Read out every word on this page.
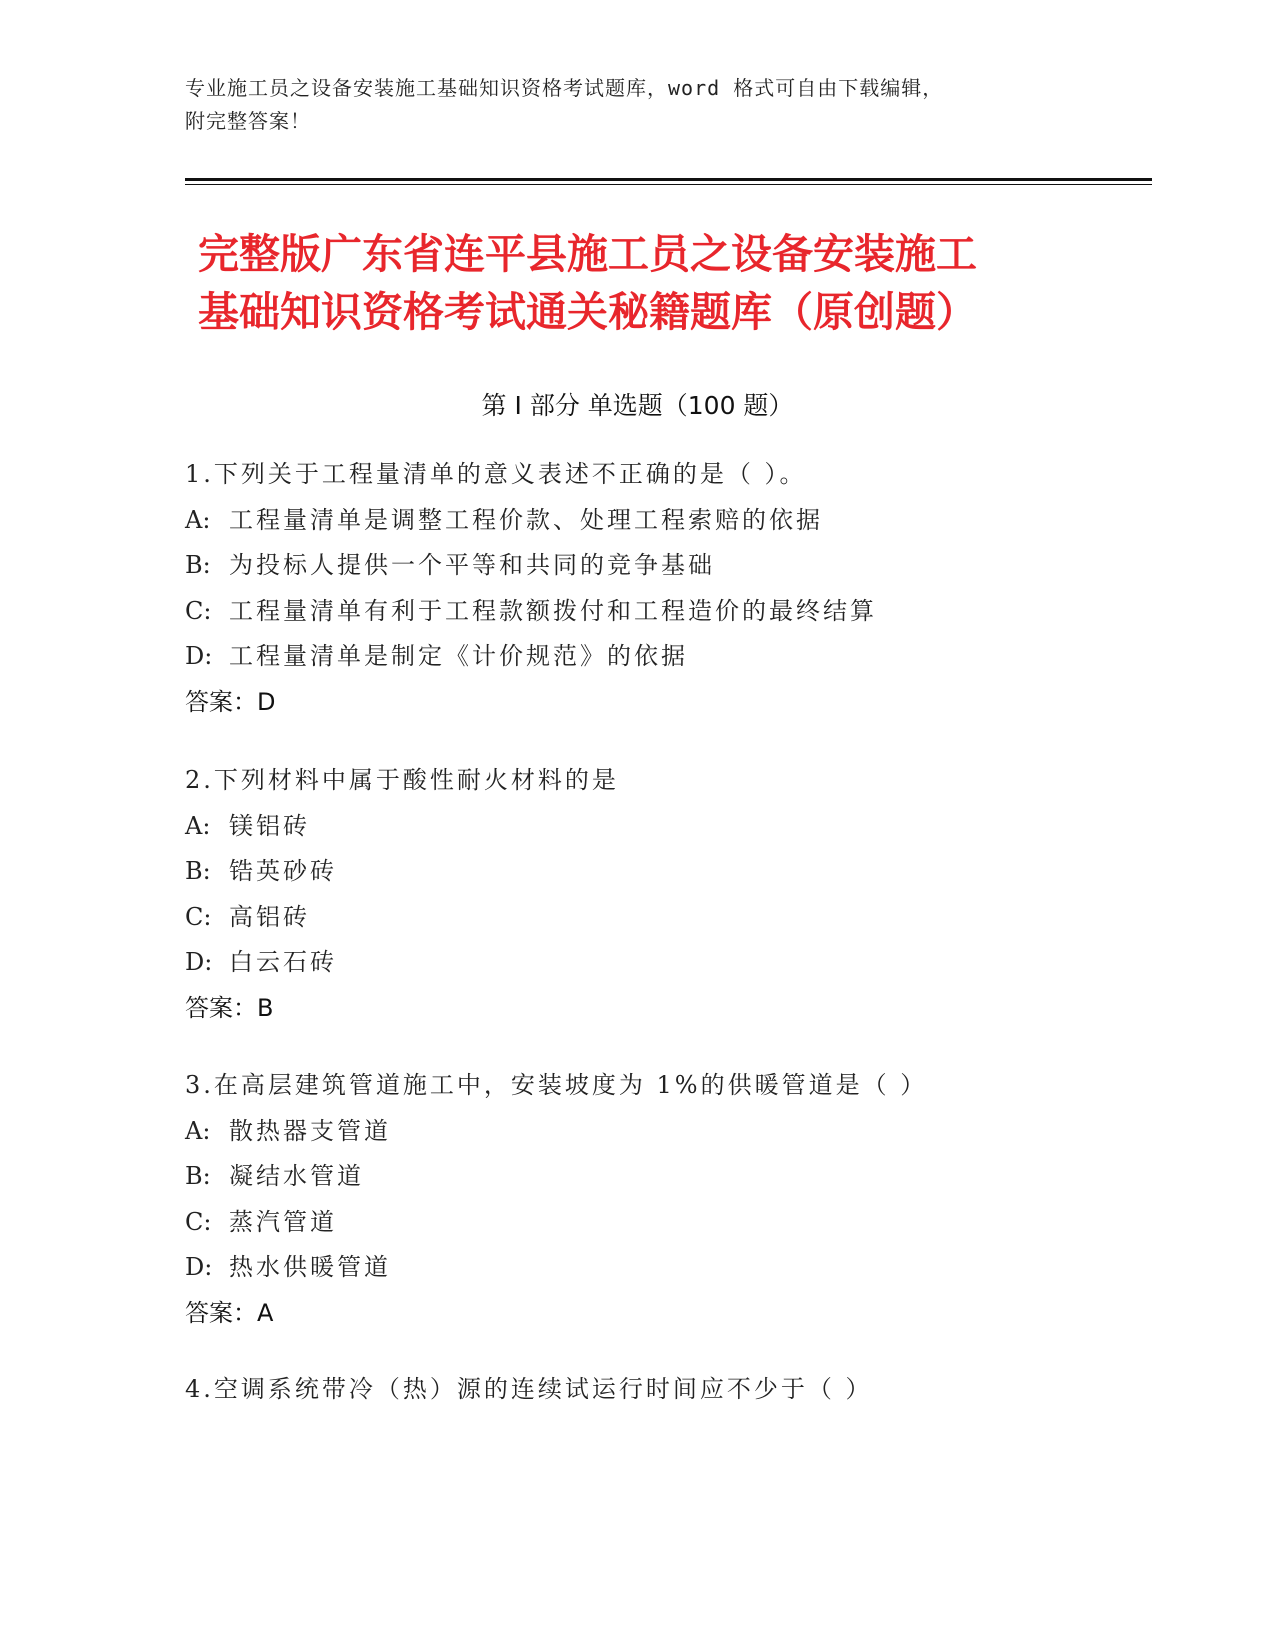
专业施工员之设备安装施工基础知识资格考试题库，word 格式可自由下载编辑，
附完整答案！
完整版广东省连平县施工员之设备安装施工
基础知识资格考试通关秘籍题库（原创题）
第 I 部分 单选题（100 题）
1.下列关于工程量清单的意义表述不正确的是（ ）。
A: 工程量清单是调整工程价款、处理工程索赔的依据
B: 为投标人提供一个平等和共同的竞争基础
C: 工程量清单有利于工程款额拨付和工程造价的最终结算
D: 工程量清单是制定《计价规范》的依据
答案：D
2.下列材料中属于酸性耐火材料的是
A: 镁铝砖
B: 锆英砂砖
C: 高铝砖
D: 白云石砖
答案：B
3.在高层建筑管道施工中，安装坡度为 1%的供暖管道是（ ）
A: 散热器支管道
B: 凝结水管道
C: 蒸汽管道
D: 热水供暖管道
答案：A
4.空调系统带冷（热）源的连续试运行时间应不少于（ ）
